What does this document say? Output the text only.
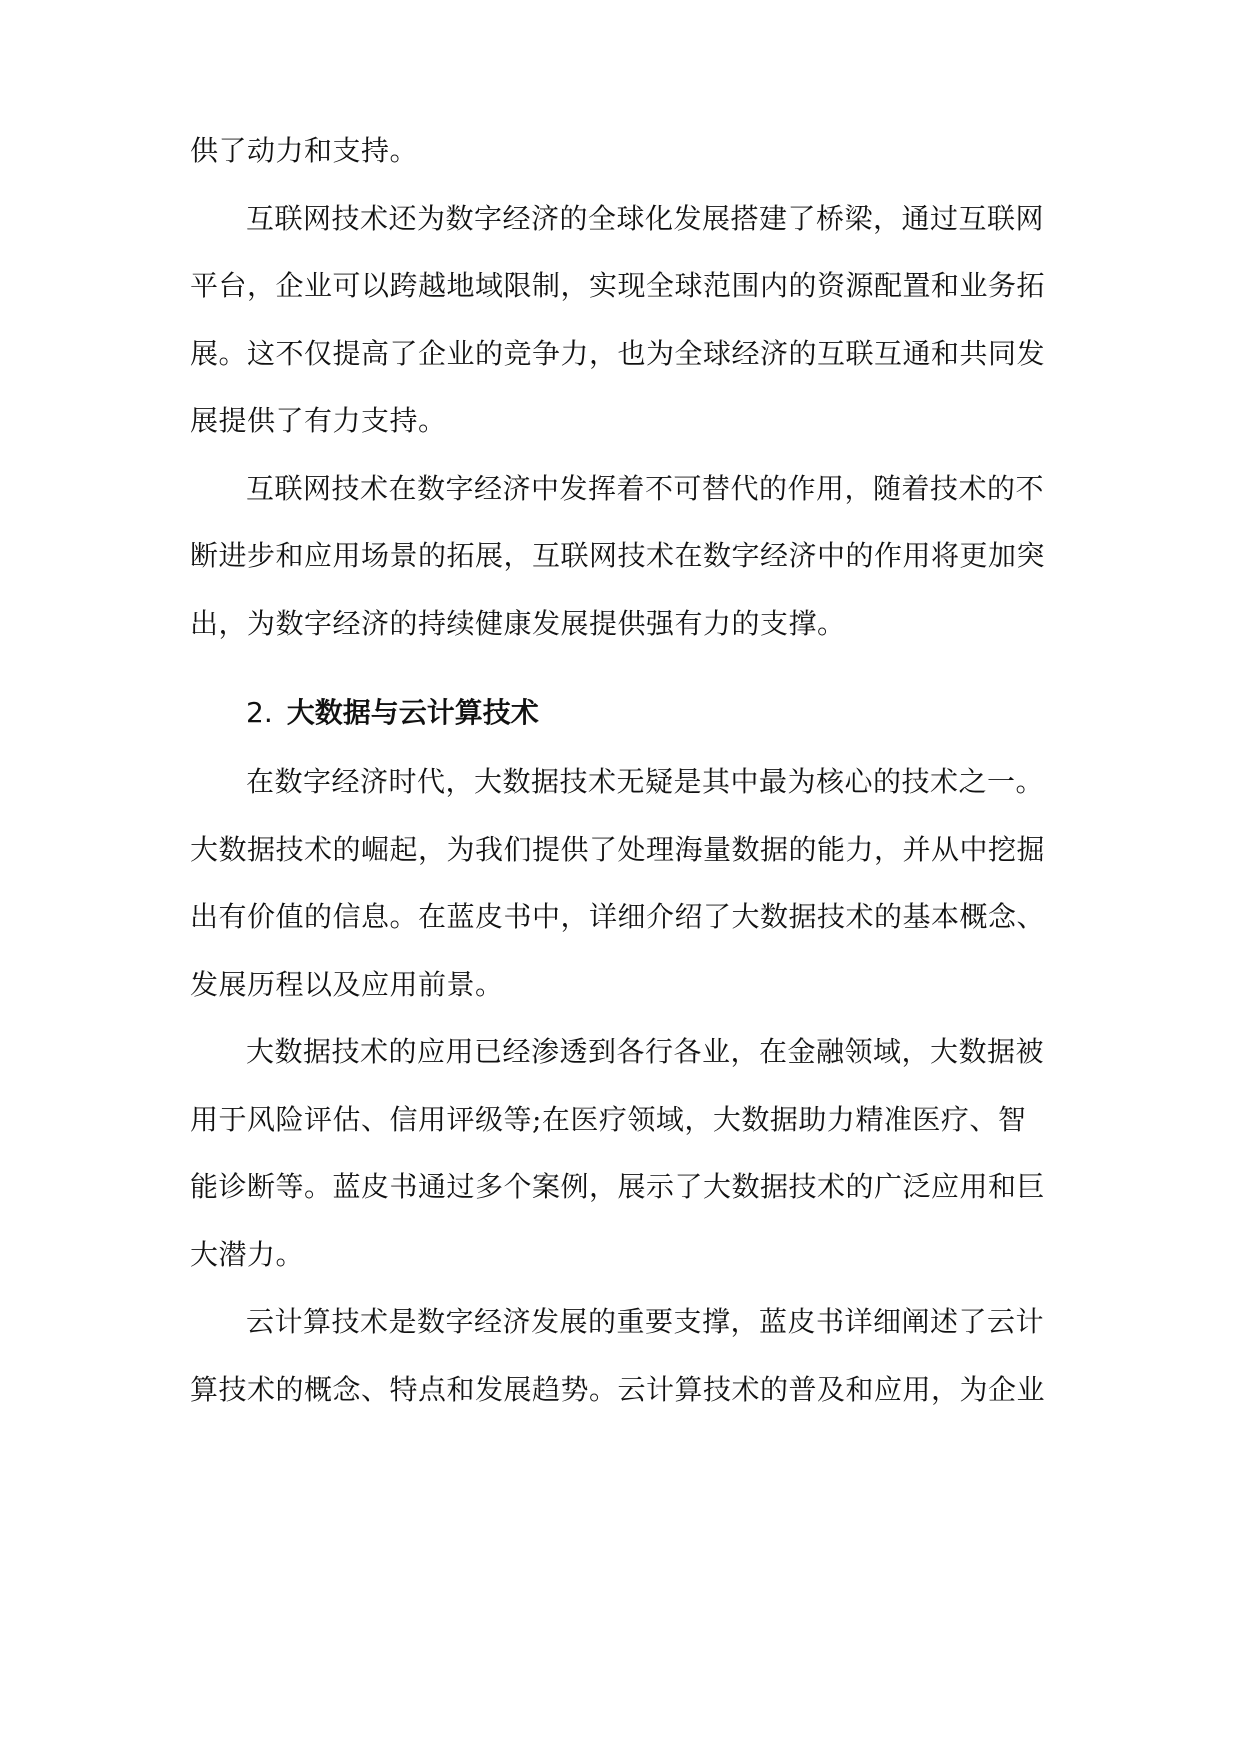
供了动力和支持。
互联网技术还为数字经济的全球化发展搭建了桥梁，通过互联网
平台，企业可以跨越地域限制，实现全球范围内的资源配置和业务拓
展。这不仅提高了企业的竞争力，也为全球经济的互联互通和共同发
展提供了有力支持。
互联网技术在数字经济中发挥着不可替代的作用，随着技术的不
断进步和应用场景的拓展，互联网技术在数字经济中的作用将更加突
出，为数字经济的持续健康发展提供强有力的支撑。
2. 大数据与云计算技术
在数字经济时代，大数据技术无疑是其中最为核心的技术之一。
大数据技术的崛起，为我们提供了处理海量数据的能力，并从中挖掘
出有价值的信息。在蓝皮书中，详细介绍了大数据技术的基本概念、
发展历程以及应用前景。
大数据技术的应用已经渗透到各行各业，在金融领域，大数据被
用于风险评估、信用评级等;在医疗领域，大数据助力精准医疗、智
能诊断等。蓝皮书通过多个案例，展示了大数据技术的广泛应用和巨
大潜力。
云计算技术是数字经济发展的重要支撑，蓝皮书详细阐述了云计
算技术的概念、特点和发展趋势。云计算技术的普及和应用，为企业
